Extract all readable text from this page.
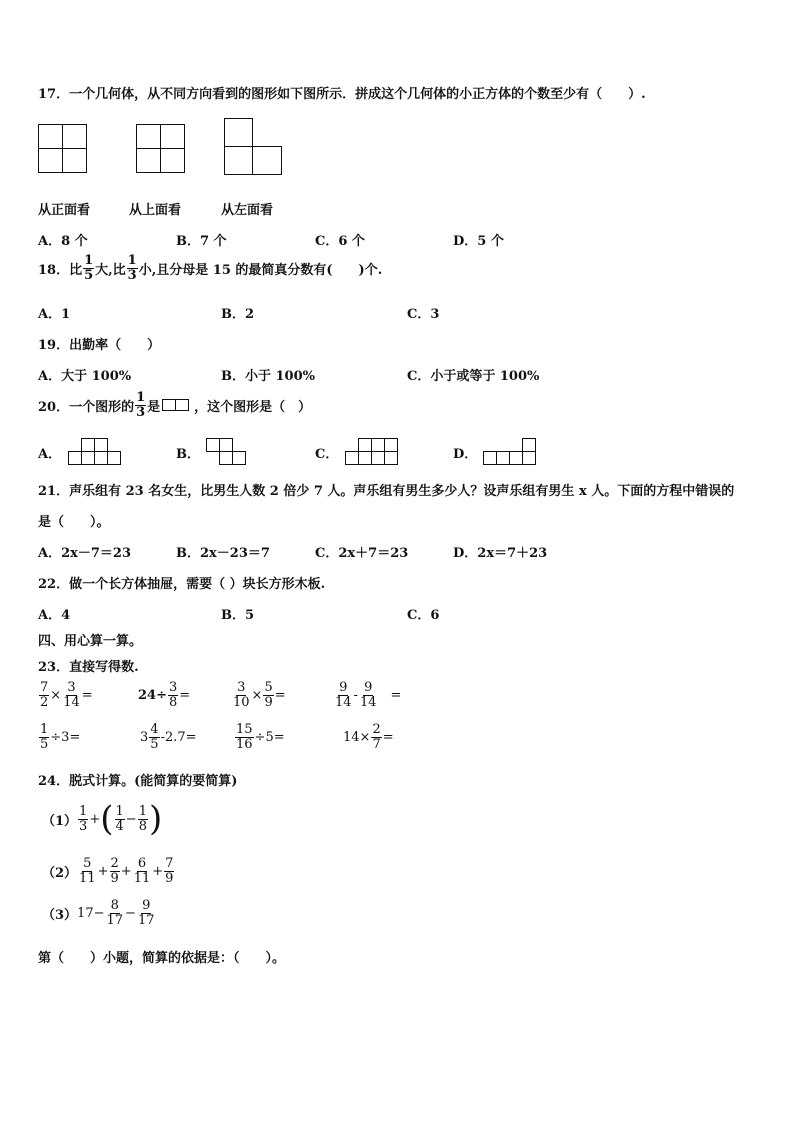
17．一个几何体，从不同方向看到的图形如下图所示．拼成这个几何体的小正方体的个数至少有（　　）.
从正面看	从上面看	从左面看
A．8 个	B．7 个	C．6 个	D．5 个
18．比 $\frac{1}{5}$ 大,比 $\frac{1}{3}$ 小,且分母是 15 的最简真分数有(　　)个.
A．1	B．2	C．3
19．出勤率（　　）
A．大于 100%	B．小于 100%	C．小于或等于 100%
20．一个图形的 $\frac{1}{3}$ 是	，这个图形是（　）
A．	B．	C．	D．
21．声乐组有 23 名女生，比男生人数 2 倍少 7 人。声乐组有男生多少人？设声乐组有男生 x 人。下面的方程中错误的
是（　　）。
A．2x－7＝23	B．2x－23＝7	C．2x＋7＝23	D．2x＝7＋23
22．做一个长方体抽屉，需要（ ）块长方形木板.
A．4	B．5	C．6
四、用心算一算。
23．直接写得数.
$\frac{7}{2} \times \frac{3}{14}$ =	$24\div \frac{3}{8}$ =	$\frac{3}{10} \times \frac{5}{9}$ =	$\frac{9}{14} - \frac{9}{14}$ =
$\frac{1}{5} \div 3=$	$3 \frac{4}{5} -2.7=$	$\frac{15}{16} \div 5=$	$14\times \frac{2}{7}$ =
24．脱式计算。(能简算的要简算)
$(1) \frac{1}{3}$ + ( $\frac{1}{4} - \frac{1}{8}$ )
$(2) \frac{5}{11} + \frac{2}{9} + \frac{6}{11} + \frac{7}{9}$
（3） $17 - \frac{8}{17} - \frac{9}{17}$
第（　　）小题，简算的依据是：（　　）。
